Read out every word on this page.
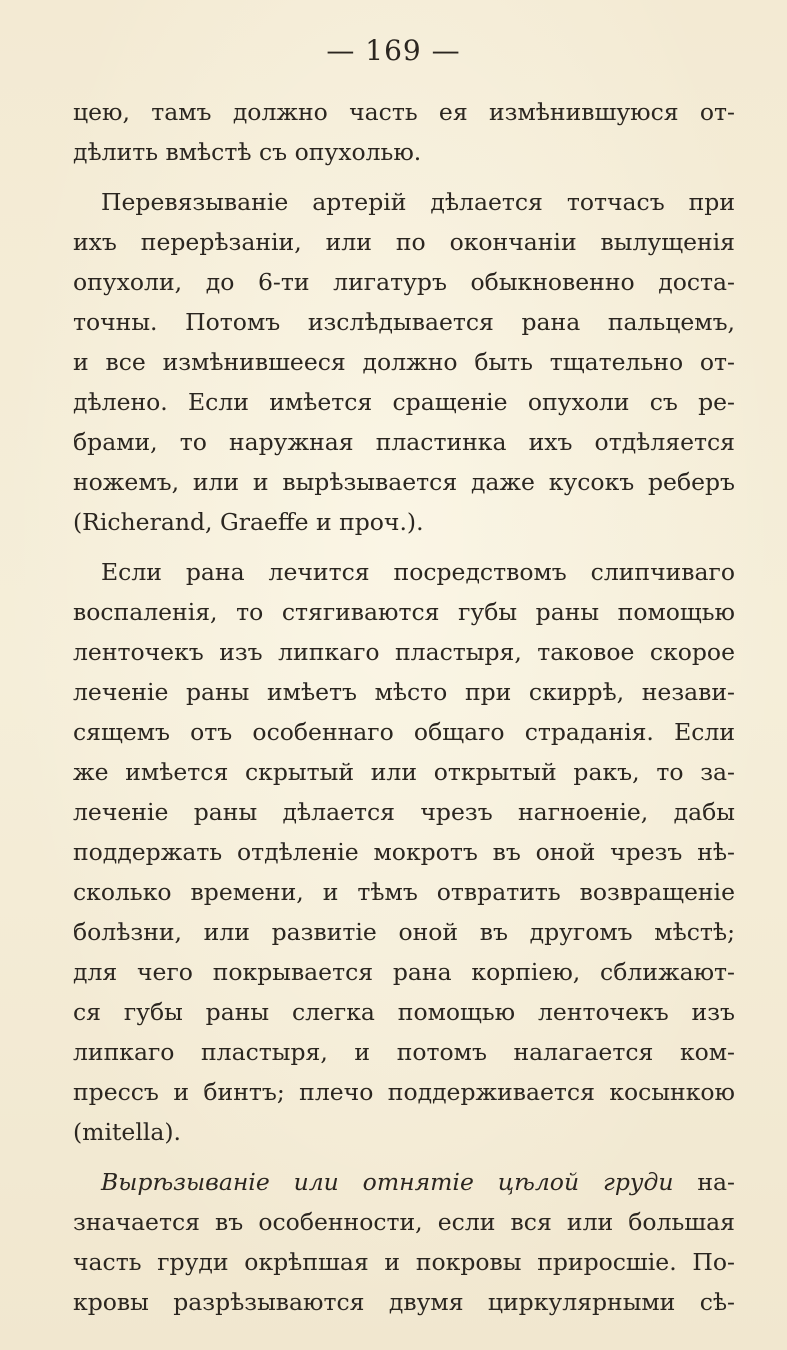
— 169 —
цею, тамъ должно часть ея измѣнившуюся от-
дѣлить вмѣстѣ съ опухолью.
Перевязываніе артерій дѣлается тотчасъ при
ихъ перерѣзаніи, или по окончаніи вылущенія
опухоли, до 6-ти лигатуръ обыкновенно доста-
точны. Потомъ изслѣдывается рана пальцемъ,
и все измѣнившееся должно быть тщательно от-
дѣлено. Если имѣется сращеніе опухоли съ ре-
брами, то наружная пластинка ихъ отдѣляется
ножемъ, или и вырѣзывается даже кусокъ реберъ
(Richerand, Graeffe и проч.).
Если рана лечится посредствомъ слипчиваго
воспаленія, то стягиваются губы раны помощью
ленточекъ изъ липкаго пластыря, таковое скорое
леченіе раны имѣетъ мѣсто при скиррѣ, незави-
сящемъ отъ особеннаго общаго страданія. Если
же имѣется скрытый или открытый ракъ, то за-
леченіе раны дѣлается чрезъ нагноеніе, дабы
поддержать отдѣленіе мокротъ въ оной чрезъ нѣ-
сколько времени, и тѣмъ отвратить возвращеніе
болѣзни, или развитіе оной въ другомъ мѣстѣ;
для чего покрывается рана корпіею, сближают-
ся губы раны слегка помощью ленточекъ изъ
липкаго пластыря, и потомъ налагается ком-
прессъ и бинтъ; плечо поддерживается косынкою
(mitella).
Вырѣзываніе или отнятіе цѣлой груди на-
значается въ особенности, если вся или большая
часть груди окрѣпшая и покровы приросшіе. По-
кровы разрѣзываются двумя циркулярными сѣ-
